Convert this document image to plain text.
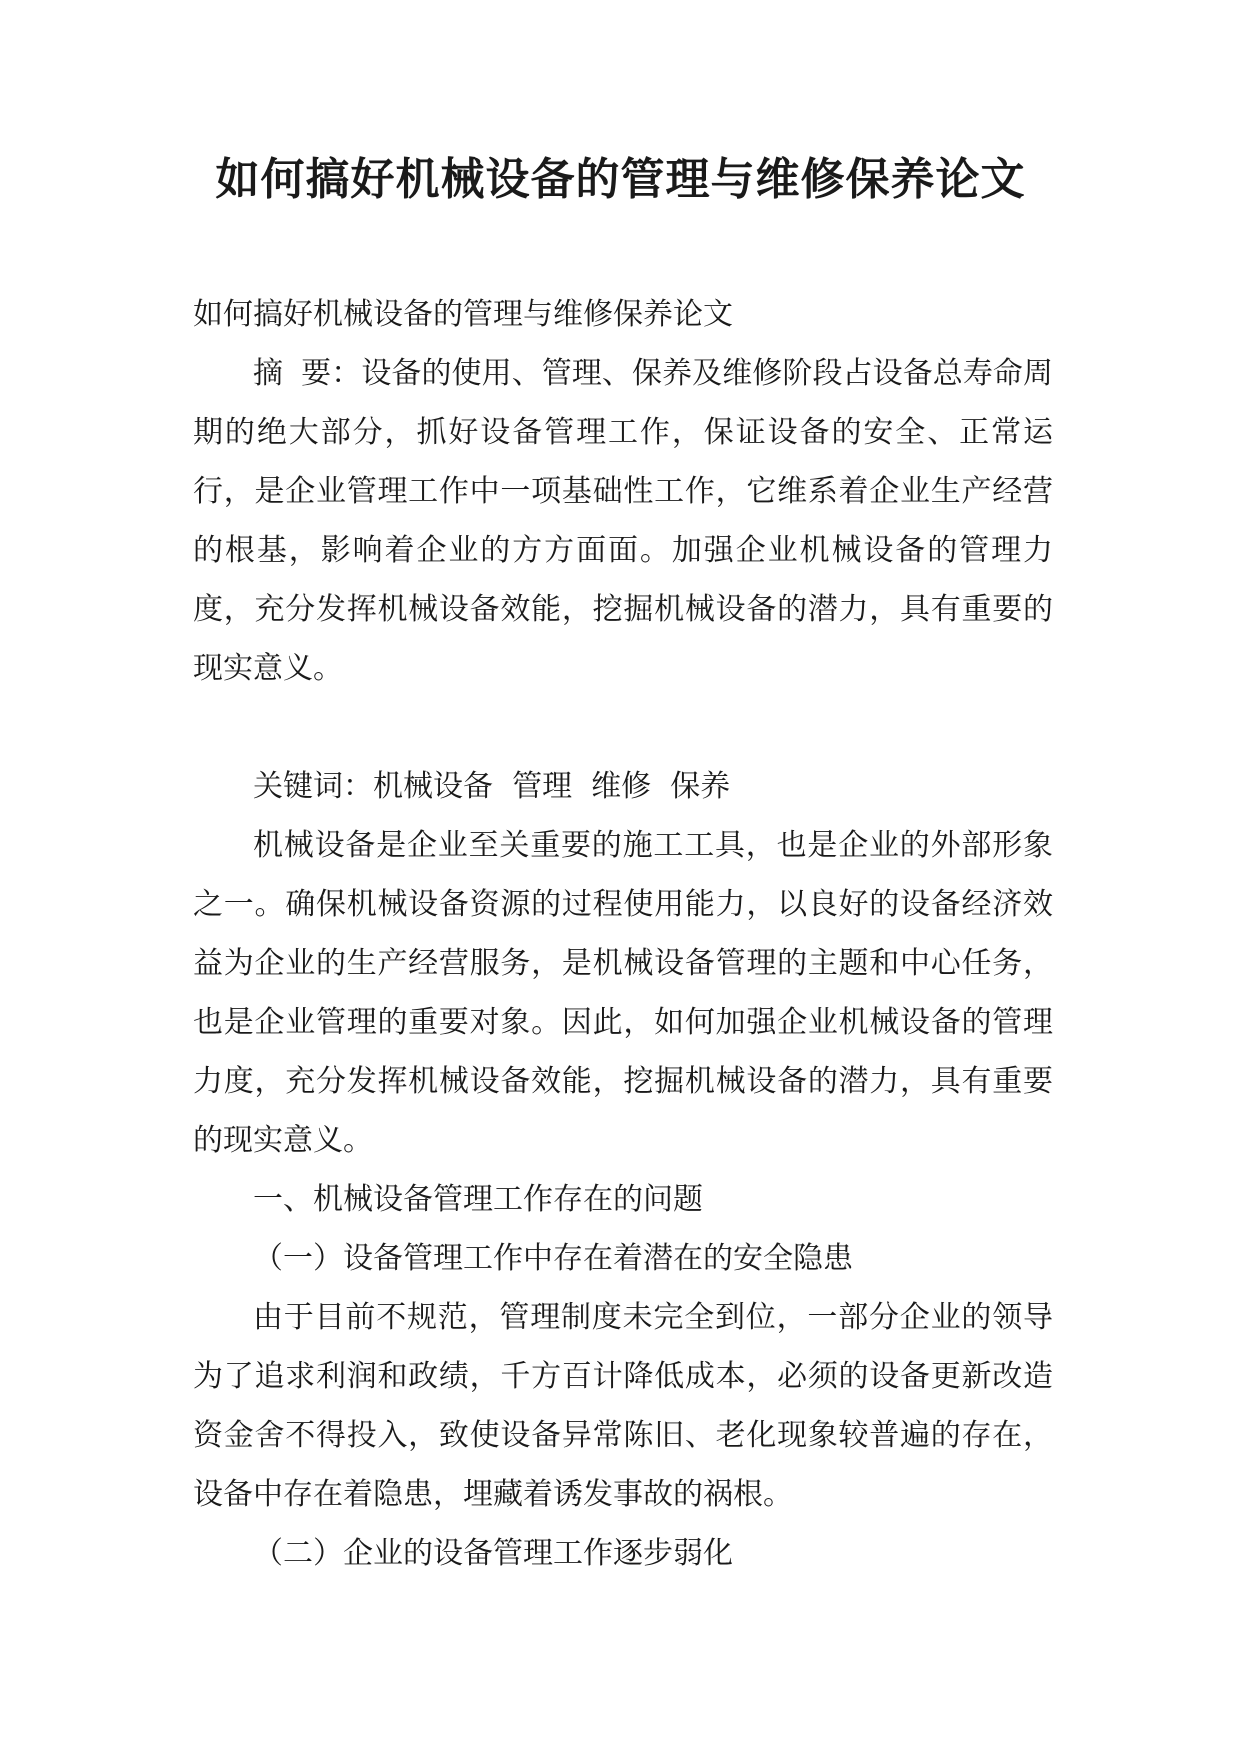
如何搞好机械设备的管理与维修保养论文

如何搞好机械设备的管理与维修保养论文

摘 要：设备的使用、管理、保养及维修阶段占设备总寿命周期的绝大部分，抓好设备管理工作，保证设备的安全、正常运行，是企业管理工作中一项基础性工作，它维系着企业生产经营的根基，影响着企业的方方面面。加强企业机械设备的管理力度，充分发挥机械设备效能，挖掘机械设备的潜力，具有重要的现实意义。

关键词：机械设备  管理  维修  保养

机械设备是企业至关重要的施工工具，也是企业的外部形象之一。确保机械设备资源的过程使用能力，以良好的设备经济效益为企业的生产经营服务，是机械设备管理的主题和中心任务，也是企业管理的重要对象。因此，如何加强企业机械设备的管理力度，充分发挥机械设备效能，挖掘机械设备的潜力，具有重要的现实意义。

一、机械设备管理工作存在的问题

（一）设备管理工作中存在着潜在的安全隐患

由于目前不规范，管理制度未完全到位，一部分企业的领导为了追求利润和政绩，千方百计降低成本，必须的设备更新改造资金舍不得投入，致使设备异常陈旧、老化现象较普遍的存在，设备中存在着隐患，埋藏着诱发事故的祸根。

（二）企业的设备管理工作逐步弱化
